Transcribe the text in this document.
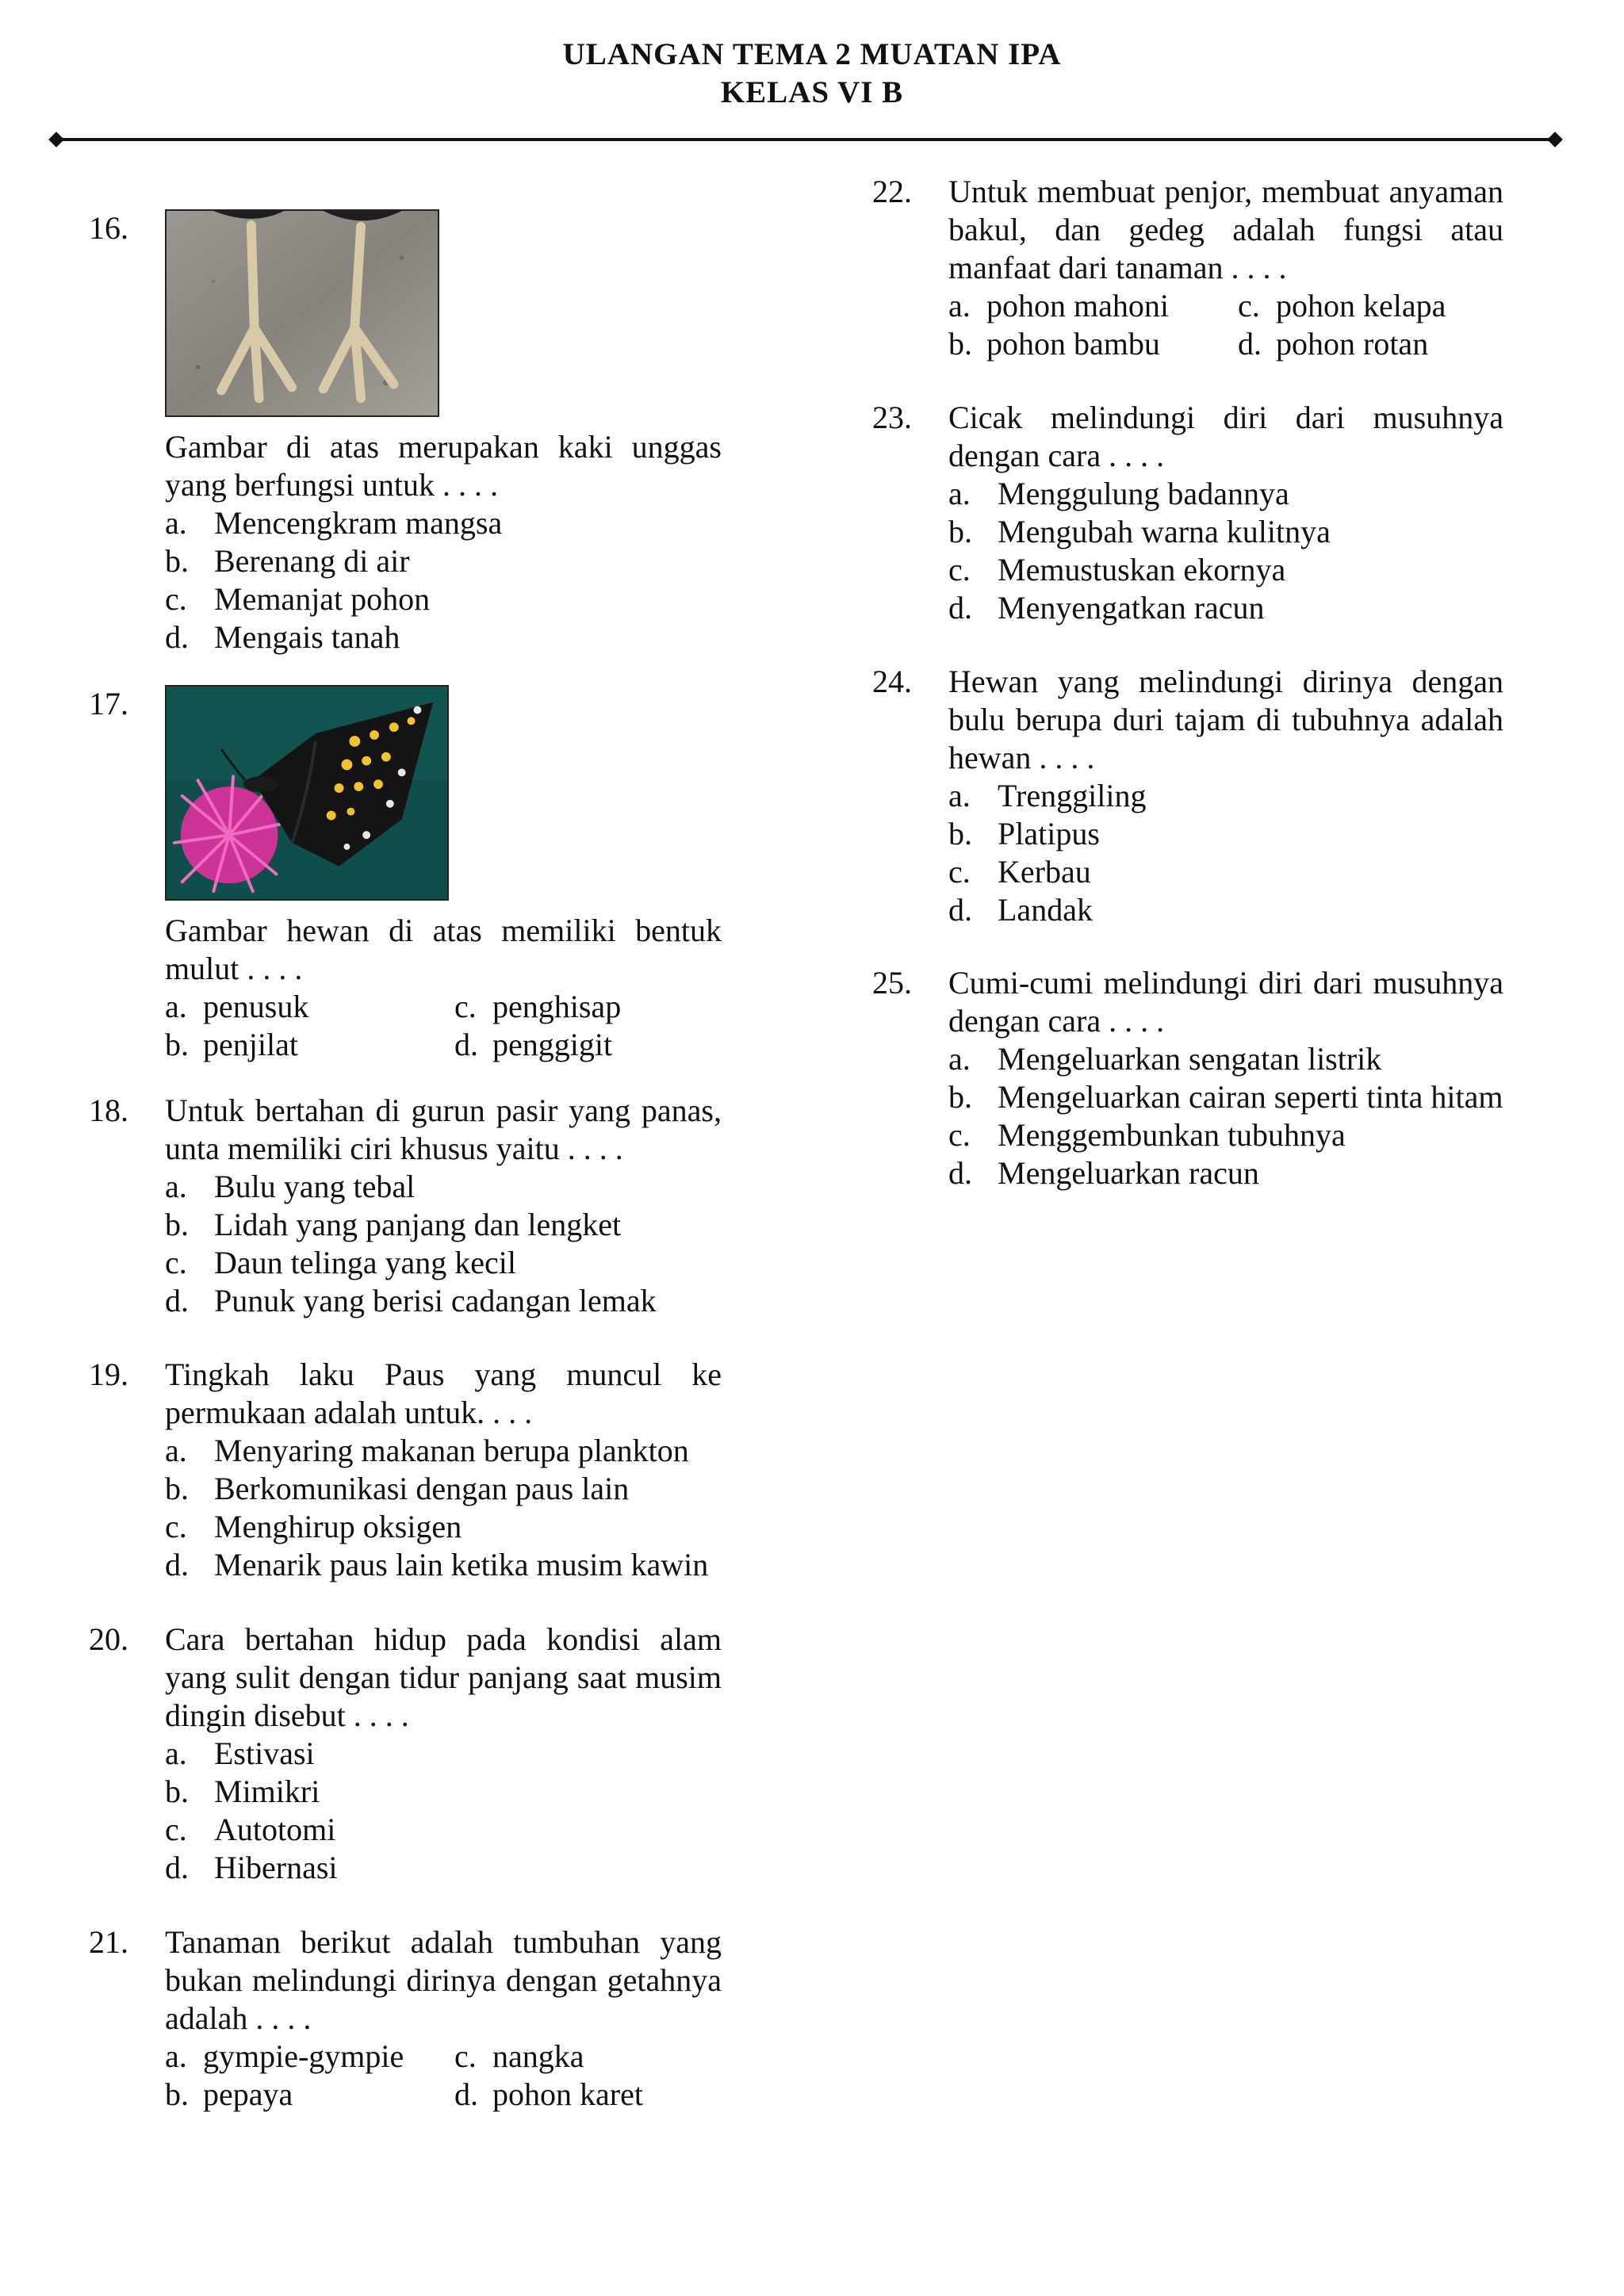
ULANGAN TEMA 2 MUATAN IPA
KELAS VI B
16.
Gambar di atas merupakan kaki unggas yang berfungsi untuk . . . .
a. Mencengkram mangsa
b. Berenang di air
c. Memanjat pohon
d. Mengais tanah
17.
Gambar hewan di atas memiliki bentuk mulut . . . .
a. penusuk	c. penghisap
b. penjilat	d. penggigit
18. Untuk bertahan di gurun pasir yang panas, unta memiliki ciri khusus yaitu . . . .
a. Bulu yang tebal
b. Lidah yang panjang dan lengket
c. Daun telinga yang kecil
d. Punuk yang berisi cadangan lemak
19. Tingkah laku Paus yang muncul ke permukaan adalah untuk. . . .
a. Menyaring makanan berupa plankton
b. Berkomunikasi dengan paus lain
c. Menghirup oksigen
d. Menarik paus lain ketika musim kawin
20. Cara bertahan hidup pada kondisi alam yang sulit dengan tidur panjang saat musim dingin disebut . . . .
a. Estivasi
b. Mimikri
c. Autotomi
d. Hibernasi
21. Tanaman berikut adalah tumbuhan yang bukan melindungi dirinya dengan getahnya adalah . . . .
a. gympie-gympie	c. nangka
b. pepaya	d. pohon karet
22. Untuk membuat penjor, membuat anyaman bakul, dan gedeg adalah fungsi atau manfaat dari tanaman . . . .
a. pohon mahoni	c. pohon kelapa
b. pohon bambu	d. pohon rotan
23. Cicak melindungi diri dari musuhnya dengan cara . . . .
a. Menggulung badannya
b. Mengubah warna kulitnya
c. Memustuskan ekornya
d. Menyengatkan racun
24. Hewan yang melindungi dirinya dengan bulu berupa duri tajam di tubuhnya adalah hewan . . . .
a. Trenggiling
b. Platipus
c. Kerbau
d. Landak
25. Cumi-cumi melindungi diri dari musuhnya dengan cara . . . .
a. Mengeluarkan sengatan listrik
b. Mengeluarkan cairan seperti tinta hitam
c. Menggembunkan tubuhnya
d. Mengeluarkan racun
